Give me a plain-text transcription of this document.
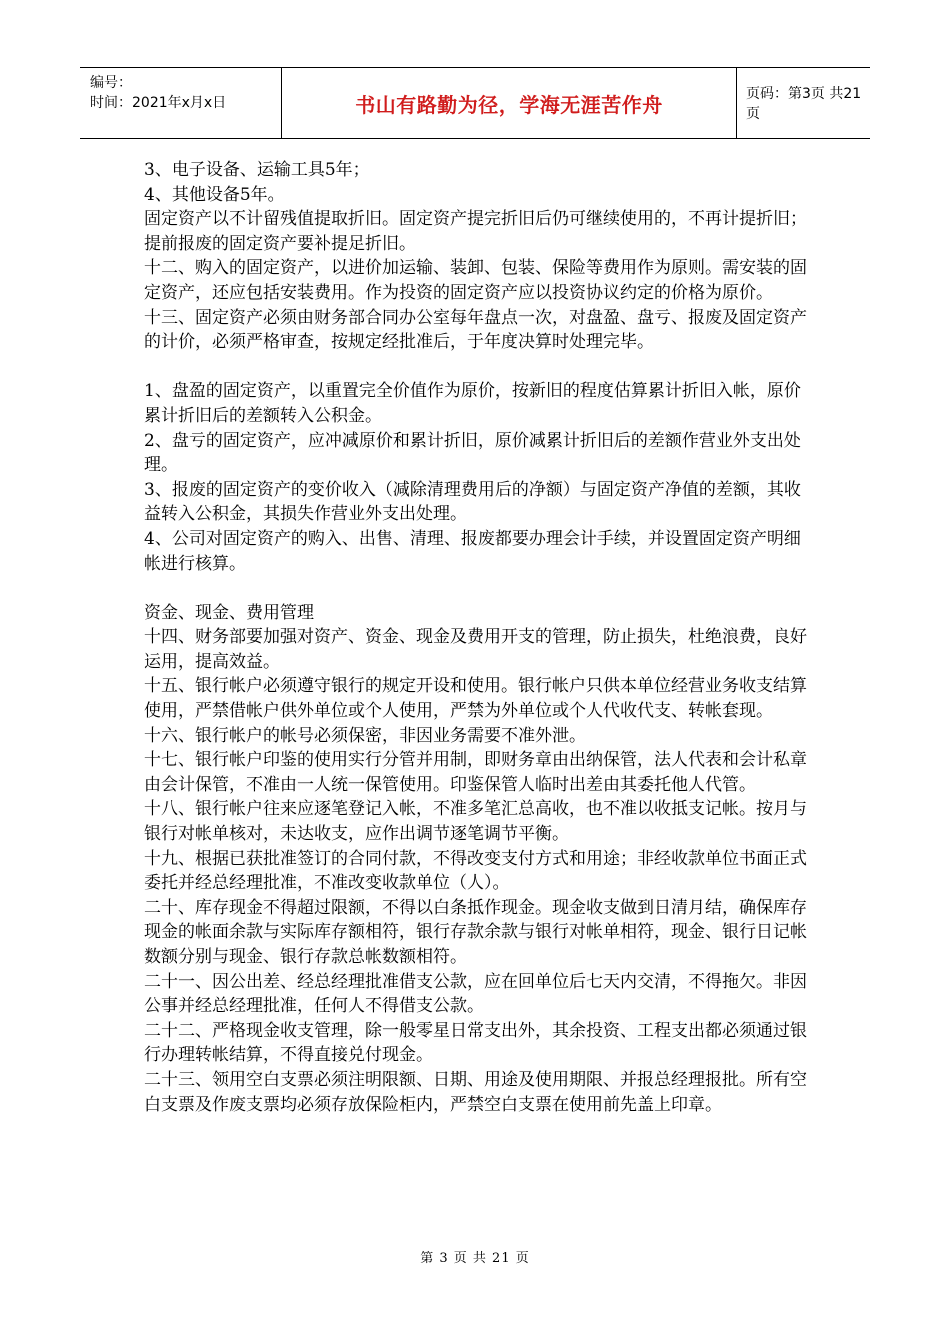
编号：
时间：2021年x月x日	书山有路勤为径，学海无涯苦作舟	页码：第3页 共21页

3、电子设备、运输工具5年；

4、其他设备5年。

固定资产以不计留残值提取折旧。固定资产提完折旧后仍可继续使用的，不再计提折旧；提前报废的固定资产要补提足折旧。

十二、购入的固定资产，以进价加运输、装卸、包装、保险等费用作为原则。需安装的固定资产，还应包括安装费用。作为投资的固定资产应以投资协议约定的价格为原价。

十三、固定资产必须由财务部合同办公室每年盘点一次，对盘盈、盘亏、报废及固定资产的计价，必须严格审查，按规定经批准后，于年度决算时处理完毕。

1、盘盈的固定资产，以重置完全价值作为原价，按新旧的程度估算累计折旧入帐，原价累计折旧后的差额转入公积金。

2、盘亏的固定资产，应冲减原价和累计折旧，原价减累计折旧后的差额作营业外支出处理。

3、报废的固定资产的变价收入（减除清理费用后的净额）与固定资产净值的差额，其收益转入公积金，其损失作营业外支出处理。

4、公司对固定资产的购入、出售、清理、报废都要办理会计手续，并设置固定资产明细帐进行核算。

资金、现金、费用管理

十四、财务部要加强对资产、资金、现金及费用开支的管理，防止损失，杜绝浪费，良好运用，提高效益。

十五、银行帐户必须遵守银行的规定开设和使用。银行帐户只供本单位经营业务收支结算使用，严禁借帐户供外单位或个人使用，严禁为外单位或个人代收代支、转帐套现。

十六、银行帐户的帐号必须保密，非因业务需要不准外泄。

十七、银行帐户印鉴的使用实行分管并用制，即财务章由出纳保管，法人代表和会计私章由会计保管，不准由一人统一保管使用。印鉴保管人临时出差由其委托他人代管。

十八、银行帐户往来应逐笔登记入帐，不准多笔汇总高收，也不准以收抵支记帐。按月与银行对帐单核对，未达收支，应作出调节逐笔调节平衡。

十九、根据已获批准签订的合同付款，不得改变支付方式和用途；非经收款单位书面正式委托并经总经理批准，不准改变收款单位（人）。

二十、库存现金不得超过限额，不得以白条抵作现金。现金收支做到日清月结，确保库存现金的帐面余款与实际库存额相符，银行存款余款与银行对帐单相符，现金、银行日记帐数额分别与现金、银行存款总帐数额相符。

二十一、因公出差、经总经理批准借支公款，应在回单位后七天内交清，不得拖欠。非因公事并经总经理批准，任何人不得借支公款。

二十二、严格现金收支管理，除一般零星日常支出外，其余投资、工程支出都必须通过银行办理转帐结算，不得直接兑付现金。

二十三、领用空白支票必须注明限额、日期、用途及使用期限、并报总经理报批。所有空白支票及作废支票均必须存放保险柜内，严禁空白支票在使用前先盖上印章。

第 3 页 共 21 页
